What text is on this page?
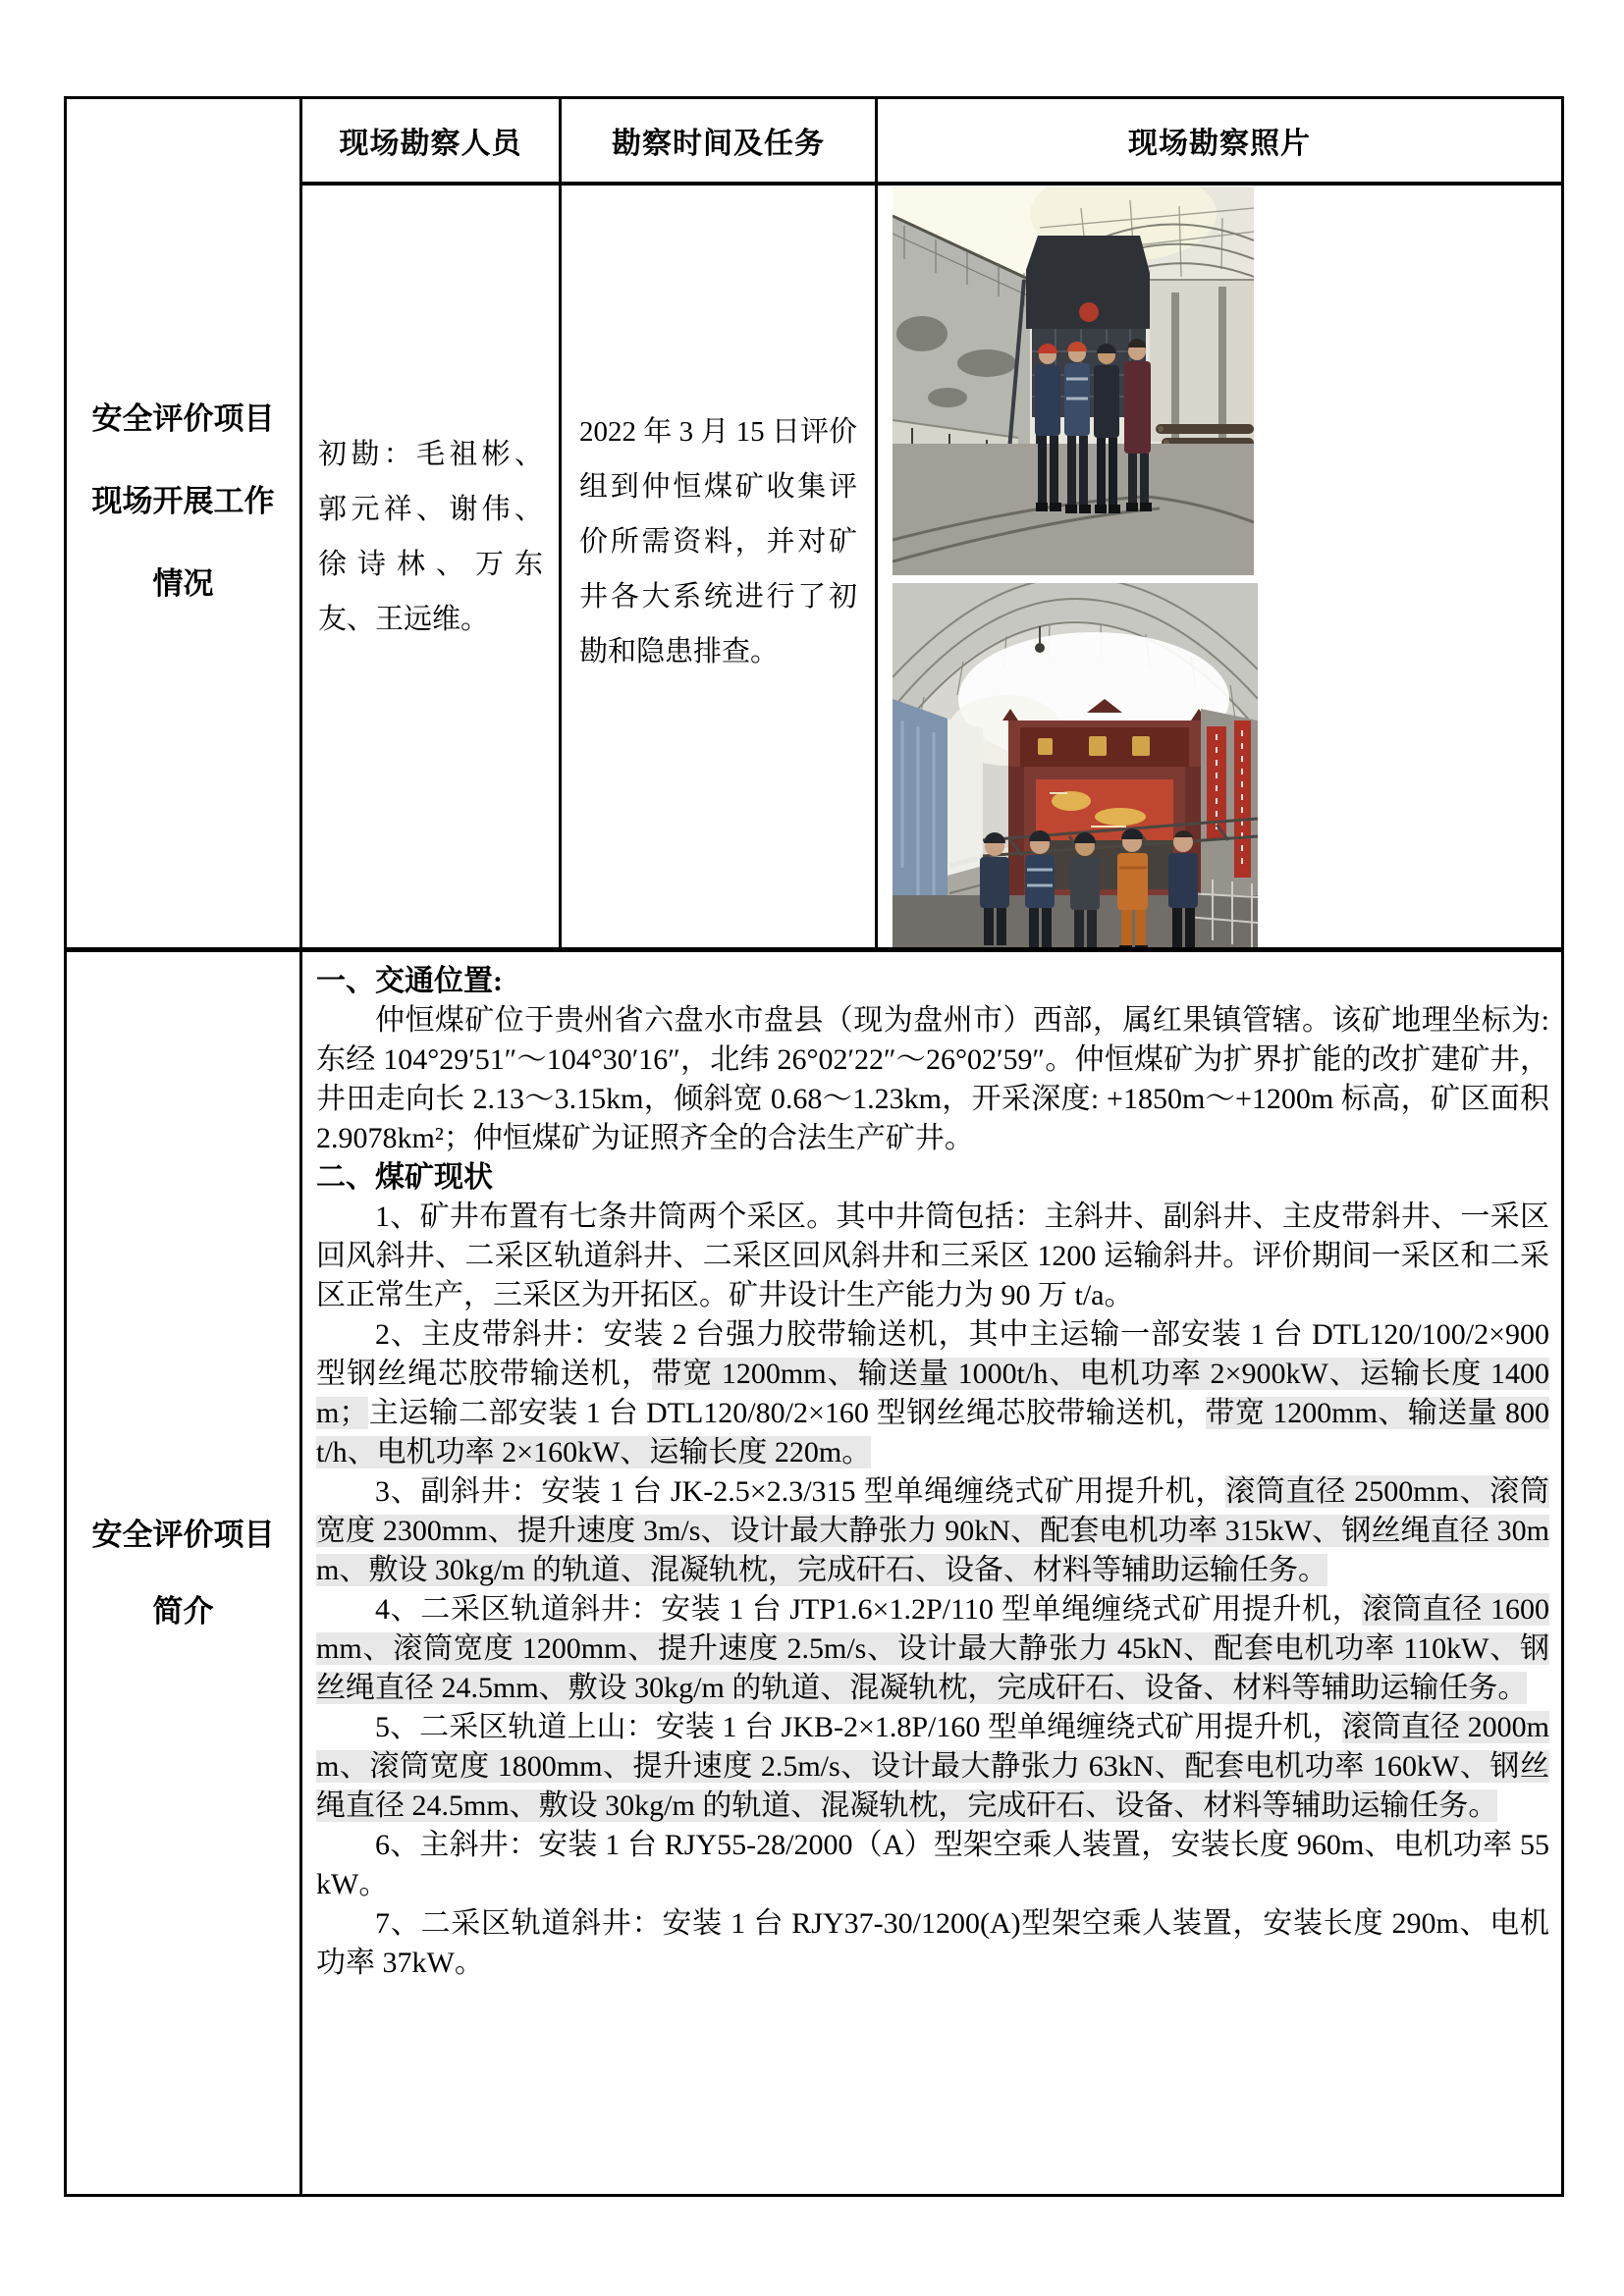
现场勘察人员	勘察时间及任务	现场勘察照片
安全评价项目
现场开展工作
情况
初勘：毛祖彬、郭元祥、谢伟、徐诗林、万东友、王远维。
2022 年 3 月 15 日评价组到仲恒煤矿收集评价所需资料，并对矿井各大系统进行了初勘和隐患排查。
安全评价项目
简介

一、交通位置:

仲恒煤矿位于贵州省六盘水市盘县（现为盘州市）西部，属红果镇管辖。该矿地理坐标为: 东经 104°29′51″～104°30′16″，北纬 26°02′22″～26°02′59″。仲恒煤矿为扩界扩能的改扩建矿井，井田走向长 2.13～3.15km，倾斜宽 0.68～1.23km，开采深度: +1850m～+1200m 标高，矿区面积 2.9078km²；仲恒煤矿为证照齐全的合法生产矿井。

二、煤矿现状

1、矿井布置有七条井筒两个采区。其中井筒包括：主斜井、副斜井、主皮带斜井、一采区回风斜井、二采区轨道斜井、二采区回风斜井和三采区 1200 运输斜井。评价期间一采区和二采区正常生产，三采区为开拓区。矿井设计生产能力为 90 万 t/a。

2、主皮带斜井：安装 2 台强力胶带输送机，其中主运输一部安装 1 台 DTL120/100/2×900 型钢丝绳芯胶带输送机，带宽 1200mm、输送量 1000t/h、电机功率 2×900kW、运输长度 1400m；主运输二部安装 1 台 DTL120/80/2×160 型钢丝绳芯胶带输送机，带宽 1200mm、输送量 800t/h、电机功率 2×160kW、运输长度 220m。

3、副斜井：安装 1 台 JK-2.5×2.3/315 型单绳缠绕式矿用提升机，滚筒直径 2500mm、滚筒宽度 2300mm、提升速度 3m/s、设计最大静张力 90kN、配套电机功率 315kW、钢丝绳直径 30mm、敷设 30kg/m 的轨道、混凝轨枕，完成矸石、设备、材料等辅助运输任务。

4、二采区轨道斜井：安装 1 台 JTP1.6×1.2P/110 型单绳缠绕式矿用提升机，滚筒直径 1600mm、滚筒宽度 1200mm、提升速度 2.5m/s、设计最大静张力 45kN、配套电机功率 110kW、钢丝绳直径 24.5mm、敷设 30kg/m 的轨道、混凝轨枕，完成矸石、设备、材料等辅助运输任务。

5、二采区轨道上山：安装 1 台 JKB-2×1.8P/160 型单绳缠绕式矿用提升机，滚筒直径 2000mm、滚筒宽度 1800mm、提升速度 2.5m/s、设计最大静张力 63kN、配套电机功率 160kW、钢丝绳直径 24.5mm、敷设 30kg/m 的轨道、混凝轨枕，完成矸石、设备、材料等辅助运输任务。

6、主斜井：安装 1 台 RJY55-28/2000（A）型架空乘人装置，安装长度 960m、电机功率 55kW。

7、二采区轨道斜井：安装 1 台 RJY37-30/1200(A)型架空乘人装置，安装长度 290m、电机功率 37kW。
